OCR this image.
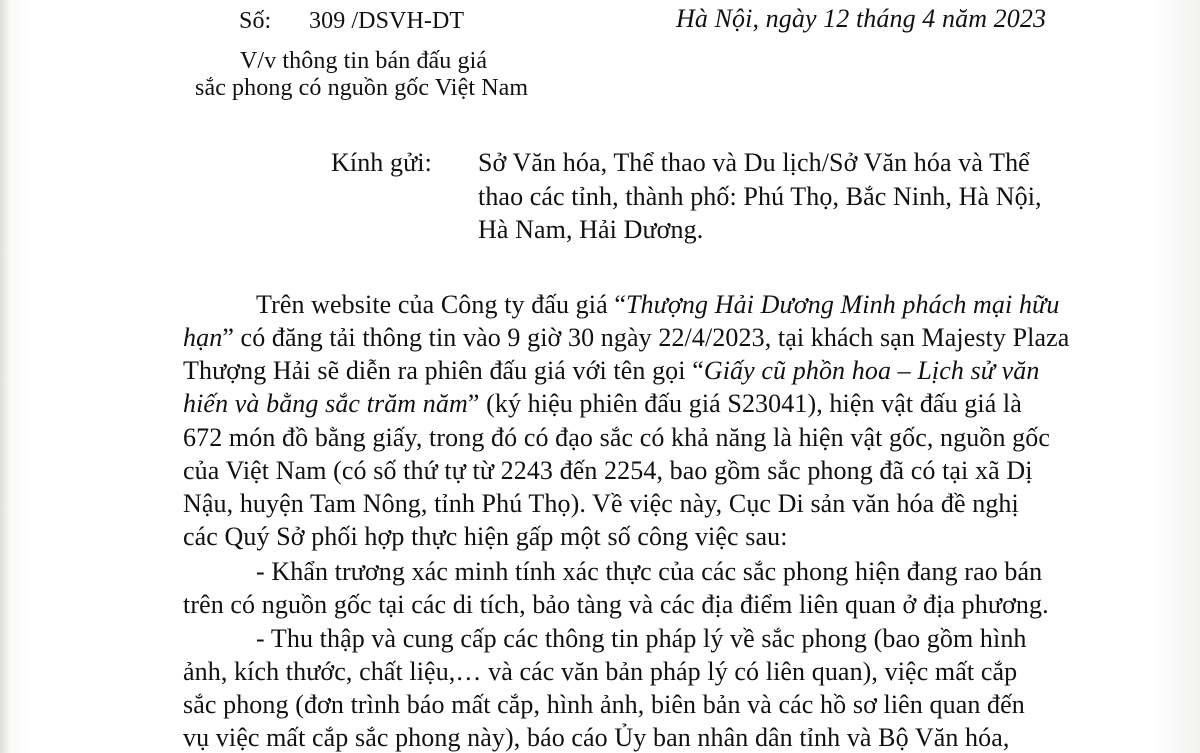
Số: 309 /DSVH-DT
V/v thông tin bán đấu giá
sắc phong có nguồn gốc Việt Nam
Hà Nội, ngày 12 tháng 4 năm 2023
Kính gửi: Sở Văn hóa, Thể thao và Du lịch/Sở Văn hóa và Thể
thao các tỉnh, thành phố: Phú Thọ, Bắc Ninh, Hà Nội,
Hà Nam, Hải Dương.
Trên website của Công ty đấu giá “Thượng Hải Dương Minh phách mại hữu
hạn” có đăng tải thông tin vào 9 giờ 30 ngày 22/4/2023, tại khách sạn Majesty Plaza
Thượng Hải sẽ diễn ra phiên đấu giá với tên gọi “Giấy cũ phồn hoa – Lịch sử văn
hiến và bằng sắc trăm năm” (ký hiệu phiên đấu giá S23041), hiện vật đấu giá là
672 món đồ bằng giấy, trong đó có đạo sắc có khả năng là hiện vật gốc, nguồn gốc
của Việt Nam (có số thứ tự từ 2243 đến 2254, bao gồm sắc phong đã có tại xã Dị
Nậu, huyện Tam Nông, tỉnh Phú Thọ). Về việc này, Cục Di sản văn hóa đề nghị
các Quý Sở phối hợp thực hiện gấp một số công việc sau:
- Khẩn trương xác minh tính xác thực của các sắc phong hiện đang rao bán
trên có nguồn gốc tại các di tích, bảo tàng và các địa điểm liên quan ở địa phương.
- Thu thập và cung cấp các thông tin pháp lý về sắc phong (bao gồm hình
ảnh, kích thước, chất liệu,… và các văn bản pháp lý có liên quan), việc mất cắp
sắc phong (đơn trình báo mất cắp, hình ảnh, biên bản và các hồ sơ liên quan đến
vụ việc mất cắp sắc phong này), báo cáo Ủy ban nhân dân tỉnh và Bộ Văn hóa,
